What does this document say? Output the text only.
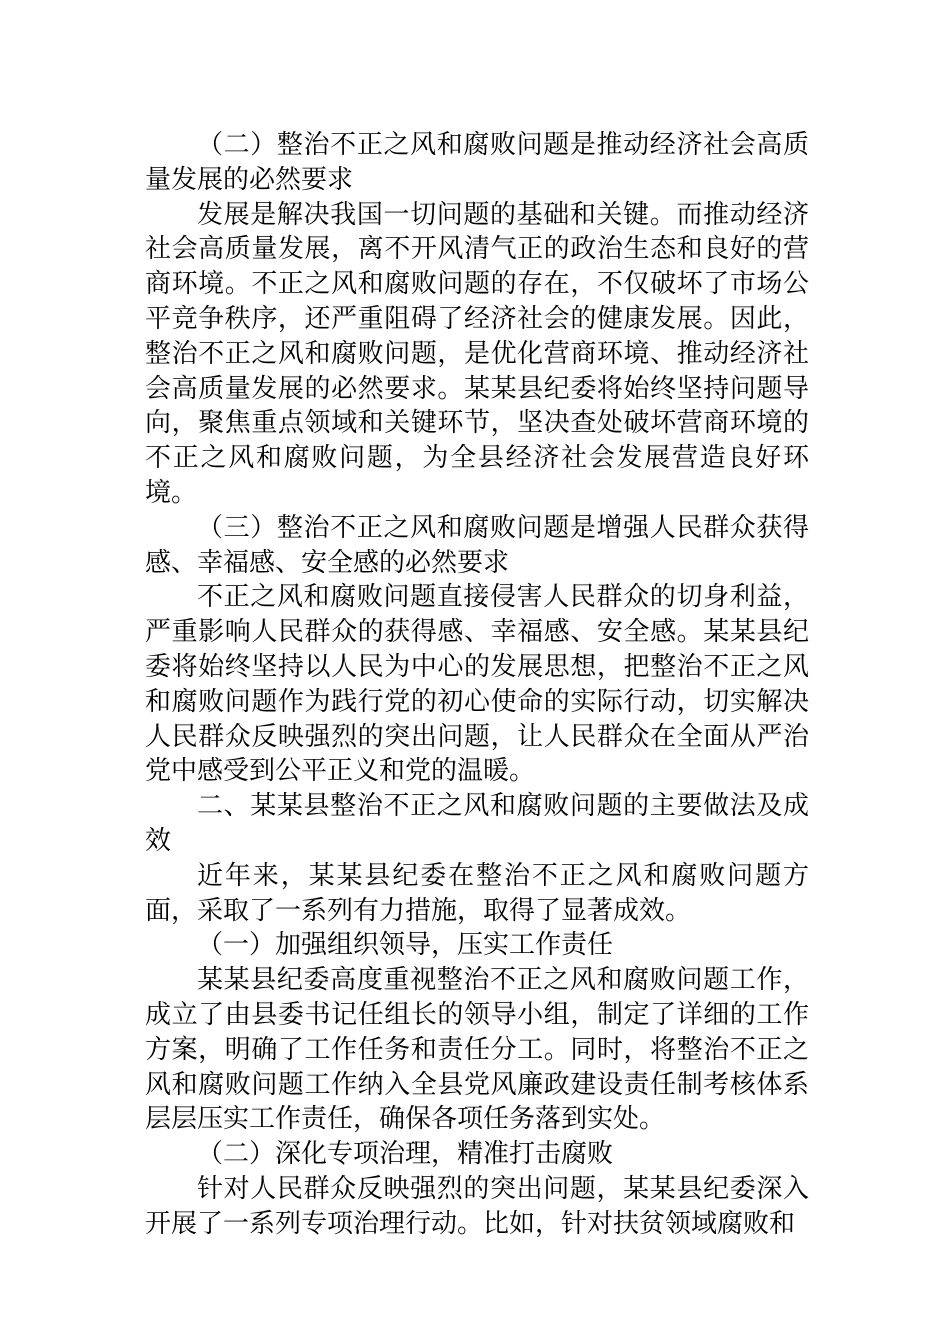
（二）整治不正之风和腐败问题是推动经济社会高质量发展的必然要求

发展是解决我国一切问题的基础和关键。而推动经济社会高质量发展，离不开风清气正的政治生态和良好的营商环境。不正之风和腐败问题的存在，不仅破坏了市场公平竞争秩序，还严重阻碍了经济社会的健康发展。因此，整治不正之风和腐败问题，是优化营商环境、推动经济社会高质量发展的必然要求。某某县纪委将始终坚持问题导向，聚焦重点领域和关键环节，坚决查处破坏营商环境的不正之风和腐败问题，为全县经济社会发展营造良好环境。

（三）整治不正之风和腐败问题是增强人民群众获得感、幸福感、安全感的必然要求

不正之风和腐败问题直接侵害人民群众的切身利益，严重影响人民群众的获得感、幸福感、安全感。某某县纪委将始终坚持以人民为中心的发展思想，把整治不正之风和腐败问题作为践行党的初心使命的实际行动，切实解决人民群众反映强烈的突出问题，让人民群众在全面从严治党中感受到公平正义和党的温暖。

二、某某县整治不正之风和腐败问题的主要做法及成效

近年来，某某县纪委在整治不正之风和腐败问题方面，采取了一系列有力措施，取得了显著成效。

（一）加强组织领导，压实工作责任

某某县纪委高度重视整治不正之风和腐败问题工作，成立了由县委书记任组长的领导小组，制定了详细的工作方案，明确了工作任务和责任分工。同时，将整治不正之风和腐败问题工作纳入全县党风廉政建设责任制考核体系层层压实工作责任，确保各项任务落到实处。

（二）深化专项治理，精准打击腐败

针对人民群众反映强烈的突出问题，某某县纪委深入开展了一系列专项治理行动。比如，针对扶贫领域腐败和
